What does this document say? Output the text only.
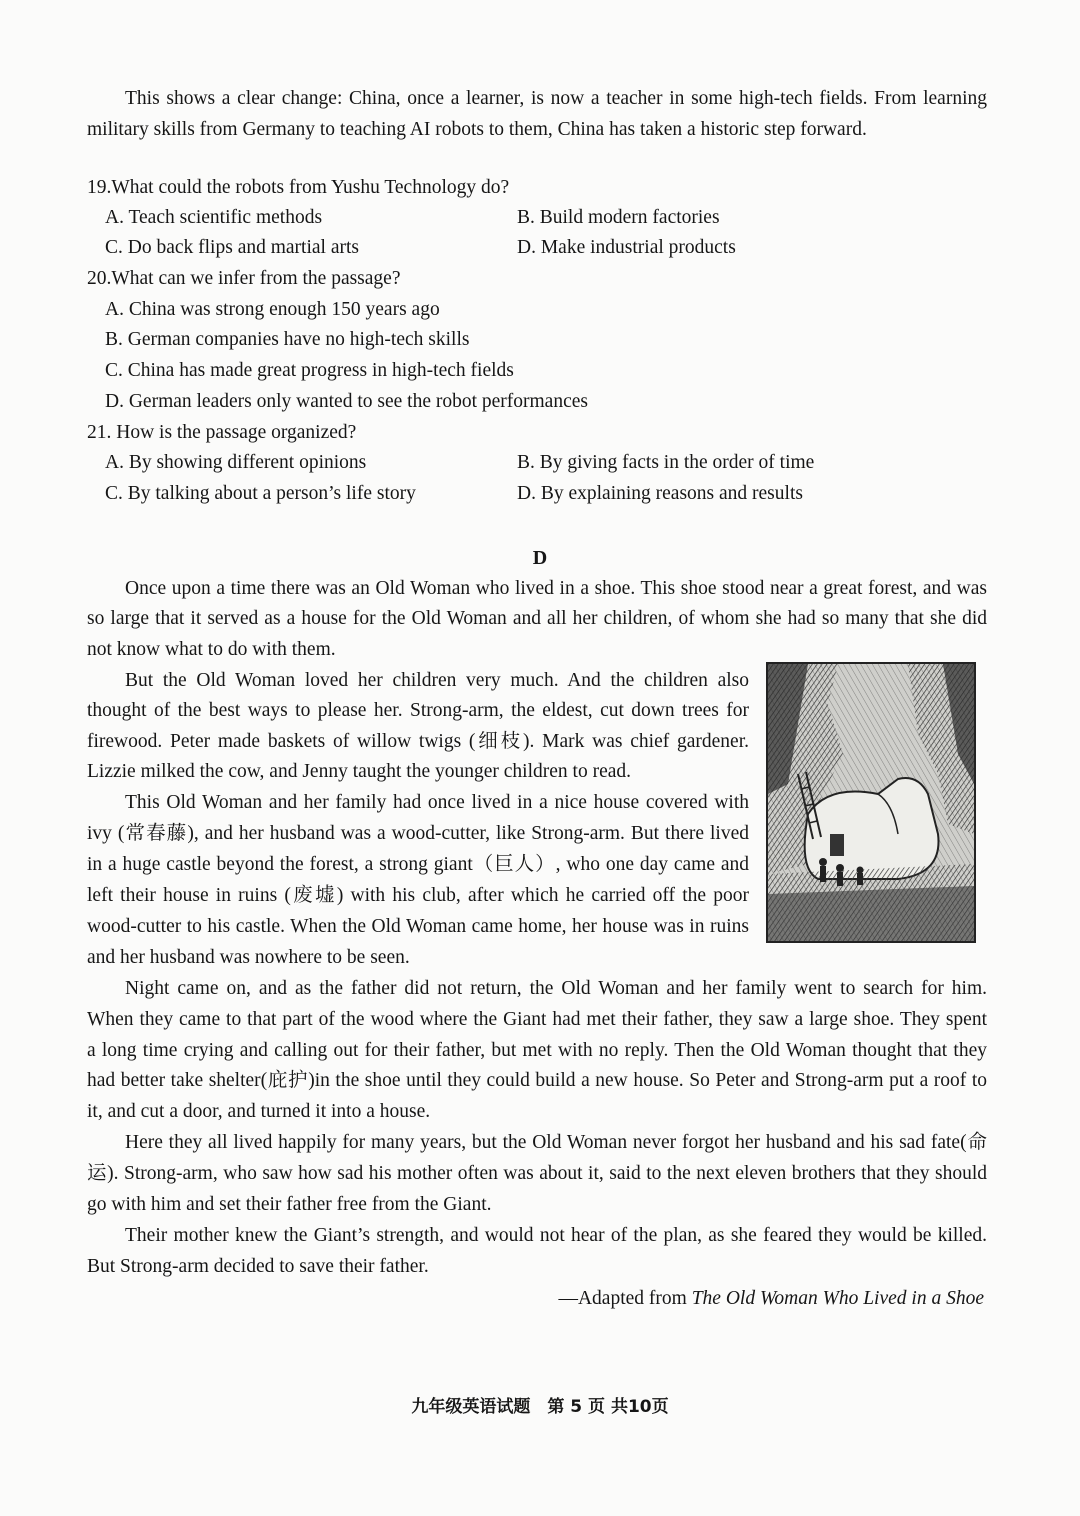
This shows a clear change: China, once a learner, is now a teacher in some high-tech fields. From learning
military skills from Germany to teaching AI robots to them, China has taken a historic step forward.
19.What could the robots from Yushu Technology do?
A. Teach scientific methods	B. Build modern factories
C. Do back flips and martial arts	D. Make industrial products
20.What can we infer from the passage?
A. China was strong enough 150 years ago
B. German companies have no high-tech skills
C. China has made great progress in high-tech fields
D. German leaders only wanted to see the robot performances
21. How is the passage organized?
A. By showing different opinions	B. By giving facts in the order of time
C. By talking about a person’s life story	D. By explaining reasons and results
D
Once upon a time there was an Old Woman who lived in a shoe. This shoe stood near a great forest, and was
so large that it served as a house for the Old Woman and all her children, of whom she had so many that she did
not know what to do with them.
But the Old Woman loved her children very much. And the children also
thought of the best ways to please her. Strong-arm, the eldest, cut down trees for
firewood. Peter made baskets of willow twigs (细枝). Mark was chief gardener.
Lizzie milked the cow, and Jenny taught the younger children to read.
This Old Woman and her family had once lived in a nice house covered with
ivy (常春藤), and her husband was a wood-cutter, like Strong-arm. But there lived
in a huge castle beyond the forest, a strong giant（巨人）, who one day came and
left their house in ruins (废墟) with his club, after which he carried off the poor
wood-cutter to his castle. When the Old Woman came home, her house was in ruins
and her husband was nowhere to be seen.
Night came on, and as the father did not return, the Old Woman and her family went to search for him.
When they came to that part of the wood where the Giant had met their father, they saw a large shoe. They spent
a long time crying and calling out for their father, but met with no reply. Then the Old Woman thought that they
had better take shelter(庇护)in the shoe until they could build a new house. So Peter and Strong-arm put a roof to
it, and cut a door, and turned it into a house.
Here they all lived happily for many years, but the Old Woman never forgot her husband and his sad fate(命
运). Strong-arm, who saw how sad his mother often was about it, said to the next eleven brothers that they should
go with him and set their father free from the Giant.
Their mother knew the Giant’s strength, and would not hear of the plan, as she feared they would be killed.
But Strong-arm decided to save their father.
—Adapted from The Old Woman Who Lived in a Shoe
九年级英语试题　第 5 页 共10页
